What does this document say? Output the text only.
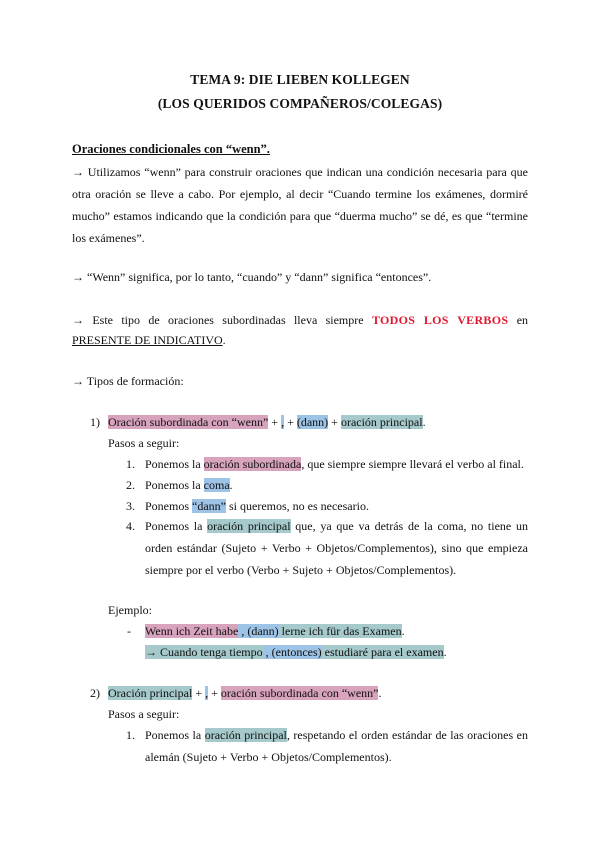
TEMA 9: DIE LIEBEN KOLLEGEN
(LOS QUERIDOS COMPAÑEROS/COLEGAS)
Oraciones condicionales con “wenn”.
→ Utilizamos “wenn” para construir oraciones que indican una condición necesaria para que
otra oración se lleve a cabo. Por ejemplo, al decir “Cuando termine los exámenes, dormiré
mucho” estamos indicando que la condición para que “duerma mucho” se dé, es que “termine
los exámenes”.
→ “Wenn” significa, por lo tanto, “cuando” y “dann” significa “entonces”.
→ Este tipo de oraciones subordinadas lleva siempre TODOS LOS VERBOS en
PRESENTE DE INDICATIVO.
→ Tipos de formación:
1) Oración subordinada con “wenn” + , + (dann) + oración principal.
Pasos a seguir:
1. Ponemos la oración subordinada, que siempre siempre llevará el verbo al final.
2. Ponemos la coma.
3. Ponemos “dann” si queremos, no es necesario.
4. Ponemos la oración principal que, ya que va detrás de la coma, no tiene un
orden estándar (Sujeto + Verbo + Objetos/Complementos), sino que empieza
siempre por el verbo (Verbo + Sujeto + Objetos/Complementos).
Ejemplo:
- Wenn ich Zeit habe , (dann) lerne ich für das Examen.
→ Cuando tenga tiempo , (entonces) estudiaré para el examen.
2) Oración principal + , + oración subordinada con “wenn”.
Pasos a seguir:
1. Ponemos la oración principal, respetando el orden estándar de las oraciones en
alemán (Sujeto + Verbo + Objetos/Complementos).
